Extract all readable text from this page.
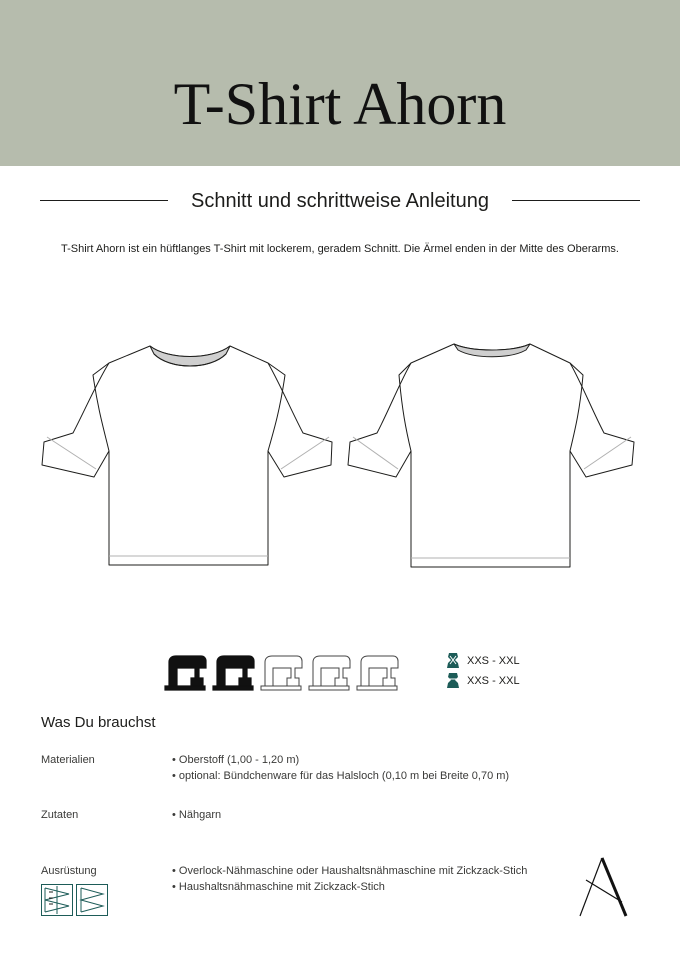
T-Shirt Ahorn
Schnitt und schrittweise Anleitung
T-Shirt Ahorn ist ein hüftlanges T-Shirt mit lockerem, geradem Schnitt. Die Ärmel enden in der Mitte des Oberarms.
XXS - XXL
XXS - XXL
Was Du brauchst
Materialien	• Oberstoff (1,00 - 1,20 m)
• optional: Bündchenware für das Halsloch (0,10 m bei Breite 0,70 m)
Zutaten	• Nähgarn
Ausrüstung	• Overlock-Nähmaschine oder Haushaltsnähmaschine mit Zickzack-Stich
• Haushaltsnähmaschine mit Zickzack-Stich
